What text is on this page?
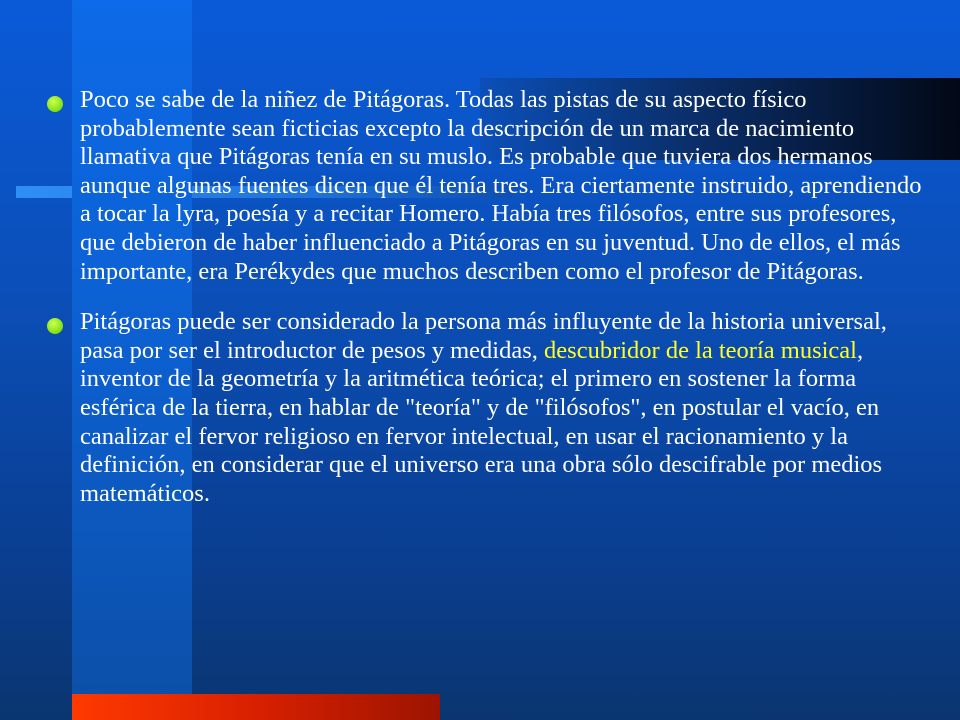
Poco se sabe de la niñez de Pitágoras. Todas las pistas de su aspecto físico probablemente sean ficticias excepto la descripción de un marca de nacimiento llamativa que Pitágoras tenía en su muslo. Es probable que tuviera dos hermanos aunque algunas fuentes dicen que él tenía tres. Era ciertamente instruido, aprendiendo a tocar la lyra, poesía y a recitar Homero. Había tres filósofos, entre sus profesores, que debieron de haber influenciado a Pitágoras en su juventud. Uno de ellos, el más importante, era Perékydes que muchos describen como el profesor de Pitágoras.
Pitágoras puede ser considerado la persona más influyente de la historia universal, pasa por ser el introductor de pesos y medidas, descubridor de la teoría musical, inventor de la geometría y la aritmética teórica; el primero en sostener la forma esférica de la tierra, en hablar de "teoría" y de "filósofos", en postular el vacío, en canalizar el fervor religioso en fervor intelectual, en usar el racionamiento y la definición, en considerar que el universo era una obra sólo descifrable por medios matemáticos.
